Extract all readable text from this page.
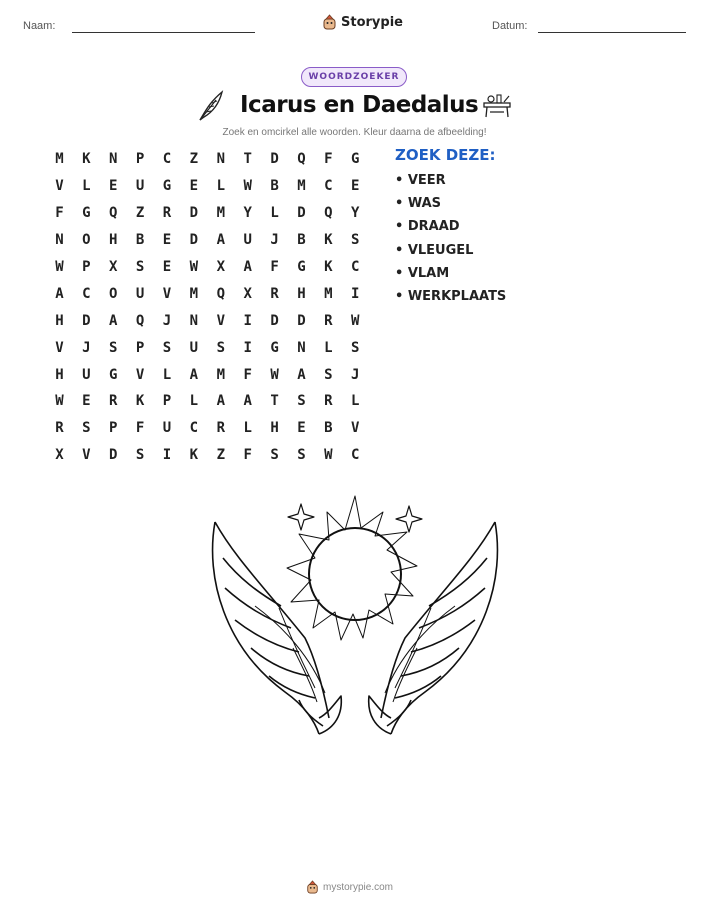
Naam:	Storypie	Datum:
WOORDZOEKER
Icarus en Daedalus
Zoek en omcirkel alle woorden. Kleur daarna de afbeelding!
M	K	N	P	C	Z	N	T	D	Q	F	G
V	L	E	U	G	E	L	W	B	M	C	E
F	G	Q	Z	R	D	M	Y	L	D	Q	Y
N	O	H	B	E	D	A	U	J	B	K	S
W	P	X	S	E	W	X	A	F	G	K	C
A	C	O	U	V	M	Q	X	R	H	M	I
H	D	A	Q	J	N	V	I	D	D	R	W
V	J	S	P	S	U	S	I	G	N	L	S
H	U	G	V	L	A	M	F	W	A	S	J
W	E	R	K	P	L	A	A	T	S	R	L
R	S	P	F	U	C	R	L	H	E	B	V
X	V	D	S	I	K	Z	F	S	S	W	C
ZOEK DEZE:
• VEER
• WAS
• DRAAD
• VLEUGEL
• VLAM
• WERKPLAATS
mystorypie.com
